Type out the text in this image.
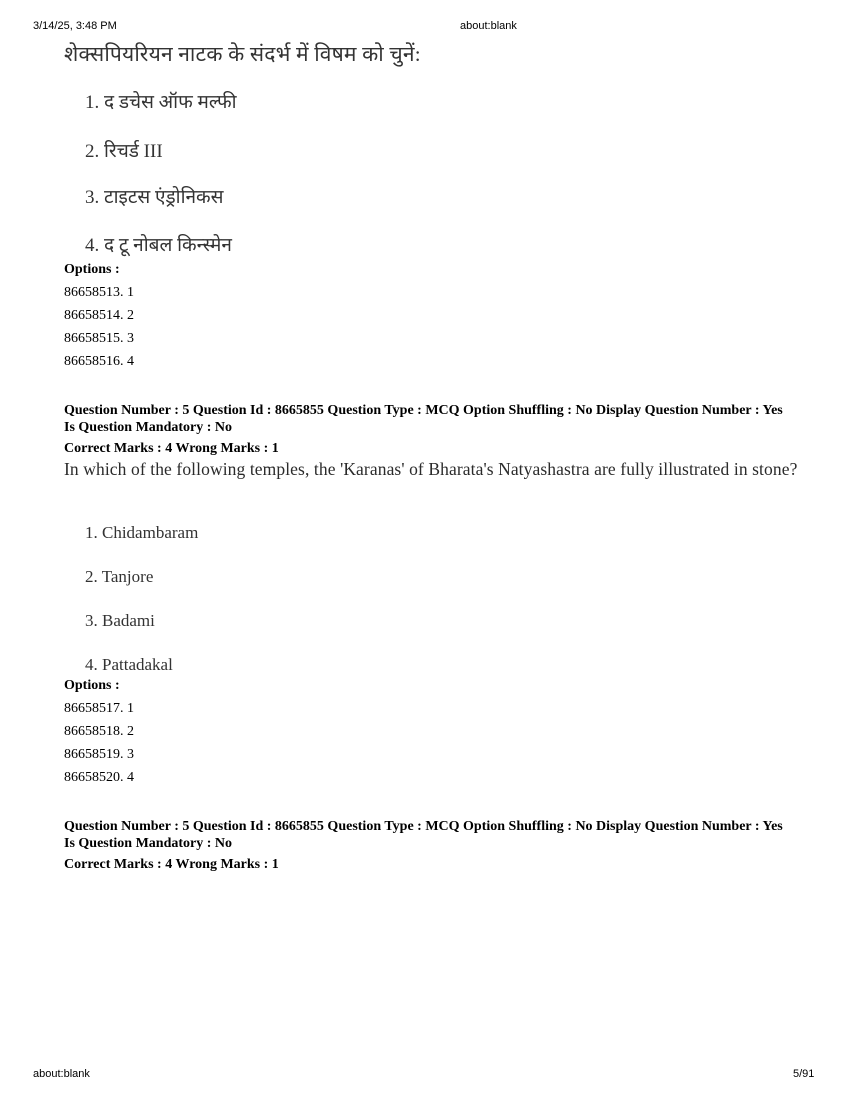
3/14/25, 3:48 PM	about:blank
शेक्सपियरियन नाटक के संदर्भ में विषम को चुनें:
1. द डचेस ऑफ मल्फी
2. रिचर्ड III
3. टाइटस एंड्रोनिकस
4. द टू नोबल किन्स्मेन
Options :
86658513. 1
86658514. 2
86658515. 3
86658516. 4
Question Number : 5 Question Id : 8665855 Question Type : MCQ Option Shuffling : No Display Question Number : Yes Is Question Mandatory : No
Correct Marks : 4 Wrong Marks : 1
In which of the following temples, the 'Karanas' of Bharata's Natyashastra are fully illustrated in stone?
1. Chidambaram
2. Tanjore
3. Badami
4. Pattadakal
Options :
86658517. 1
86658518. 2
86658519. 3
86658520. 4
Question Number : 5 Question Id : 8665855 Question Type : MCQ Option Shuffling : No Display Question Number : Yes Is Question Mandatory : No
Correct Marks : 4 Wrong Marks : 1
about:blank	5/91
